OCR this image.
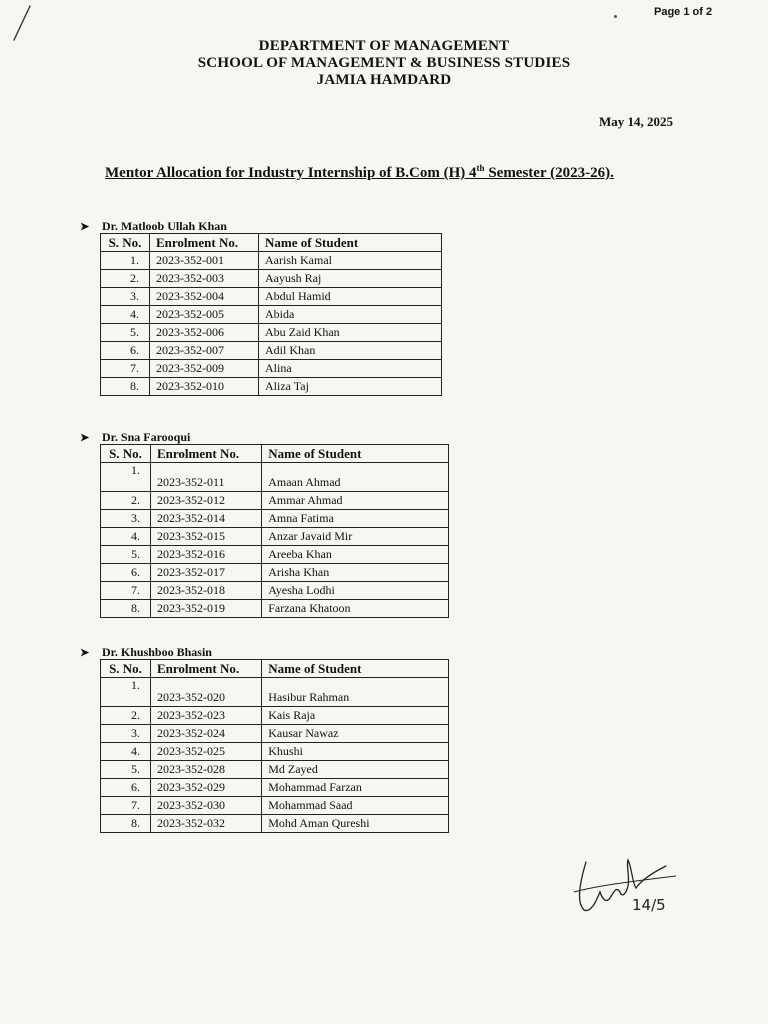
Page 1 of 2
DEPARTMENT OF MANAGEMENT
SCHOOL OF MANAGEMENT & BUSINESS STUDIES
JAMIA HAMDARD
May 14, 2025
Mentor Allocation for Industry Internship of B.Com (H) 4th Semester (2023-26).
➤ Dr. Matloob Ullah Khan
S. No.	Enrolment No.	Name of Student
1.	2023-352-001	Aarish Kamal
2.	2023-352-003	Aayush Raj
3.	2023-352-004	Abdul Hamid
4.	2023-352-005	Abida
5.	2023-352-006	Abu Zaid Khan
6.	2023-352-007	Adil Khan
7.	2023-352-009	Alina
8.	2023-352-010	Aliza Taj
➤ Dr. Sna Farooqui
S. No.	Enrolment No.	Name of Student
1.	2023-352-011	Amaan Ahmad
2.	2023-352-012	Ammar Ahmad
3.	2023-352-014	Amna Fatima
4.	2023-352-015	Anzar Javaid Mir
5.	2023-352-016	Areeba Khan
6.	2023-352-017	Arisha Khan
7.	2023-352-018	Ayesha Lodhi
8.	2023-352-019	Farzana Khatoon
➤ Dr. Khushboo Bhasin
S. No.	Enrolment No.	Name of Student
1.	2023-352-020	Hasibur Rahman
2.	2023-352-023	Kais Raja
3.	2023-352-024	Kausar Nawaz
4.	2023-352-025	Khushi
5.	2023-352-028	Md Zayed
6.	2023-352-029	Mohammad Farzan
7.	2023-352-030	Mohammad Saad
8.	2023-352-032	Mohd Aman Qureshi
14/5
